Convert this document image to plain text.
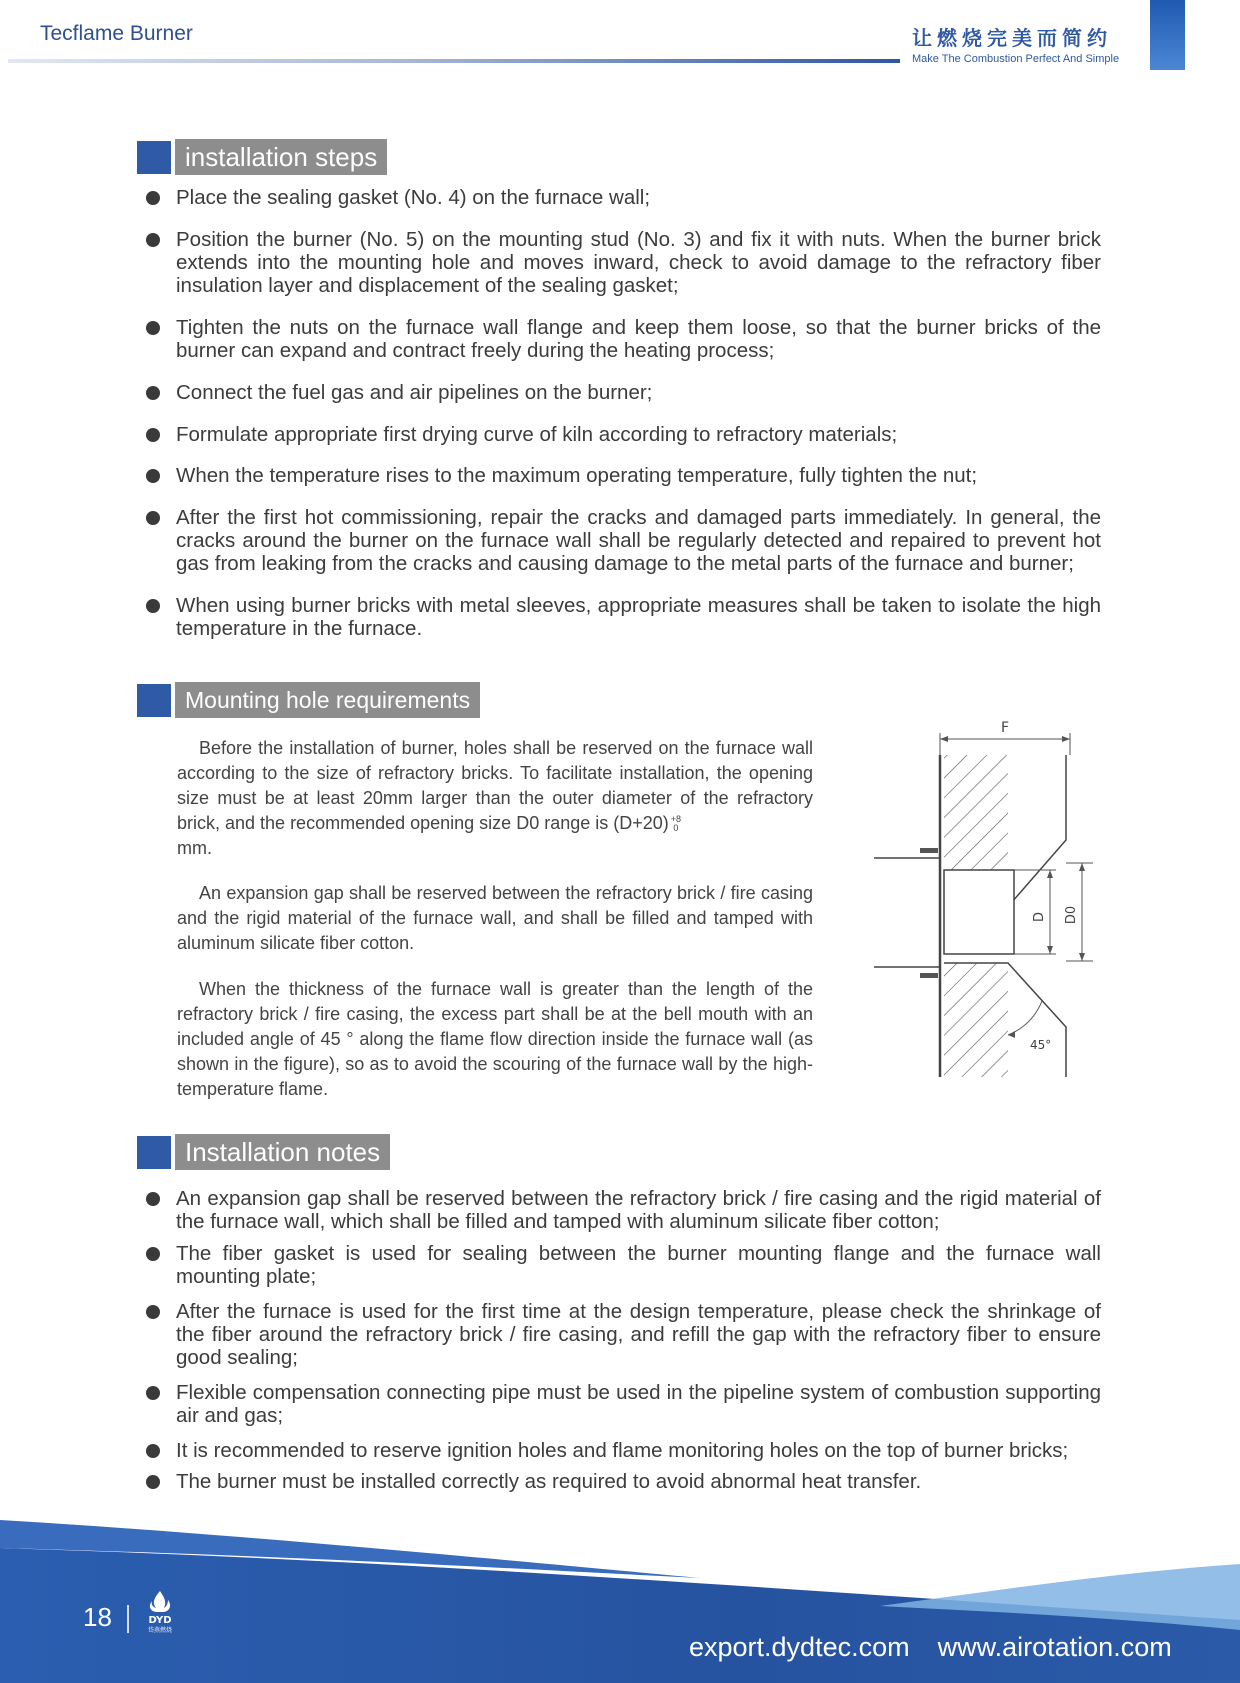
Tecflame Burner	让燃烧完美而简约
Make The Combustion Perfect And Simple
installation steps
Place the sealing gasket (No. 4) on the furnace wall;
Position the burner (No. 5) on the mounting stud (No. 3) and fix it with nuts. When the burner brick extends into the mounting hole and moves inward, check to avoid damage to the refractory fiber insulation layer and displacement of the sealing gasket;
Tighten the nuts on the furnace wall flange and keep them loose, so that the burner bricks of the burner can expand and contract freely during the heating process;
Connect the fuel gas and air pipelines on the burner;
Formulate appropriate first drying curve of kiln according to refractory materials;
When the temperature rises to the maximum operating temperature, fully tighten the nut;
After the first hot commissioning, repair the cracks and damaged parts immediately. In general, the cracks around the burner on the furnace wall shall be regularly detected and repaired to prevent hot gas from leaking from the cracks and causing damage to the metal parts of the furnace and burner;
When using burner bricks with metal sleeves, appropriate measures shall be taken to isolate the high temperature in the furnace.
Mounting hole requirements
Before the installation of burner, holes shall be reserved on the furnace wall according to the size of refractory bricks. To facilitate installation, the opening size must be at least 20mm larger than the outer diameter of the refractory brick, and the recommended opening size D0 range is (D+20) +8
0
mm.
An expansion gap shall be reserved between the refractory brick / fire casing and the rigid material of the furnace wall, and shall be filled and tamped with aluminum silicate fiber cotton.
When the thickness of the furnace wall is greater than the length of the refractory brick / fire casing, the excess part shall be at the bell mouth with an included angle of 45 ° along the flame flow direction inside the furnace wall (as shown in the figure), so as to avoid the scouring of the furnace wall by the high-temperature flame.
F
D D0
45°
Installation notes
An expansion gap shall be reserved between the refractory brick / fire casing and the rigid material of the furnace wall, which shall be filled and tamped with aluminum silicate fiber cotton;
The fiber gasket is used for sealing between the burner mounting flange and the furnace wall mounting plate;
After the furnace is used for the first time at the design temperature, please check the shrinkage of the fiber around the refractory brick / fire casing, and refill the gap with the refractory fiber to ensure good sealing;
Flexible compensation connecting pipe must be used in the pipeline system of combustion supporting air and gas;
It is recommended to reserve ignition holes and flame monitoring holes on the top of burner bricks;
The burner must be installed correctly as required to avoid abnormal heat transfer.
18	DYD
岱燕燃烧
export.dydtec.com www.airotation.com
